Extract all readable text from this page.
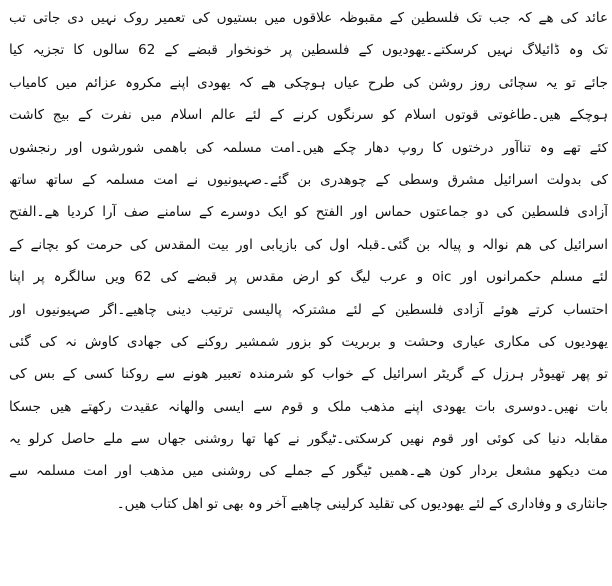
عائد کی ھے کہ جب تک فلسطین کے مقبوظہ علاقوں میں بستیوں کی تعمیر روک نہیں دی جاتی تب
تک وہ ڈائیلاگ نہیں کرسکتے۔یھودیوں کے فلسطین پر خونخوار قبضے کے 62 سالوں کا تجزیہ کیا
جائے تو یہ سچائی روز روشن کی طرح عیاں ہوچکی ھے کہ یھودی اپنے مکروہ عزائم میں کامیاب
ہوچکے ھیں۔طاغوتی قوتوں اسلام کو سرنگوں کرنے کے لئے عالم اسلام میں نفرت کے بیج کاشت
کئے تھے وہ تناآور درختوں کا روپ دھار چکے ھیں۔امت مسلمہ کی باھمی شورشوں اور رنجشوں
کی بدولت اسرائیل مشرق وسطی کے چوھدری بن گئے۔صہیونیوں نے امت مسلمہ کے ساتھ ساتھ
آزادی فلسطین کی دو جماعتوں حماس اور الفتح کو ایک دوسرے کے سامنے صف آرا کردیا ھے۔الفتح
اسرائیل کی ھم نوالہ و پیالہ بن گئی۔قبلہ اول کی بازیابی اور بیت المقدس کی حرمت کو بچانے کے
لئے مسلم حکمرانوں اور oic و عرب لیگ کو ارض مقدس پر قبضے کی 62 ویں سالگرہ پر اپنا
احتساب کرتے ھوئے آزادی فلسطین کے لئے مشترکہ پالیسی ترتیب دینی چاھیے۔اگر صہیونیوں اور
یھودیوں کی مکاری عیاری وحشت و بربریت کو بزور شمشیر روکنے کی جھادی کاوش نہ کی گئی
تو پھر تھیوڈر ہرزل کے گریٹر اسرائیل کے خواب کو شرمندہ تعبیر ھونے سے روکنا کسی کے بس کی
بات نھیں۔دوسری بات یھودی اپنے مذھب ملک و قوم سے ایسی والھانہ عقیدت رکھتے ھیں جسکا
مقابلہ دنیا کی کوئی اور قوم نھیں کرسکتی۔ٹیگور نے کھا تھا روشنی جھاں سے ملے حاصل کرلو یہ
مت دیکھو مشعل بردار کون ھے۔ھمیں ٹیگور کے جملے کی روشنی میں مذھب اور امت مسلمہ سے
جانثاری و وفاداری کے لئے یھودیوں کی تقلید کرلینی چاھیے آخر وہ بھی تو اھل کتاب ھیں۔
